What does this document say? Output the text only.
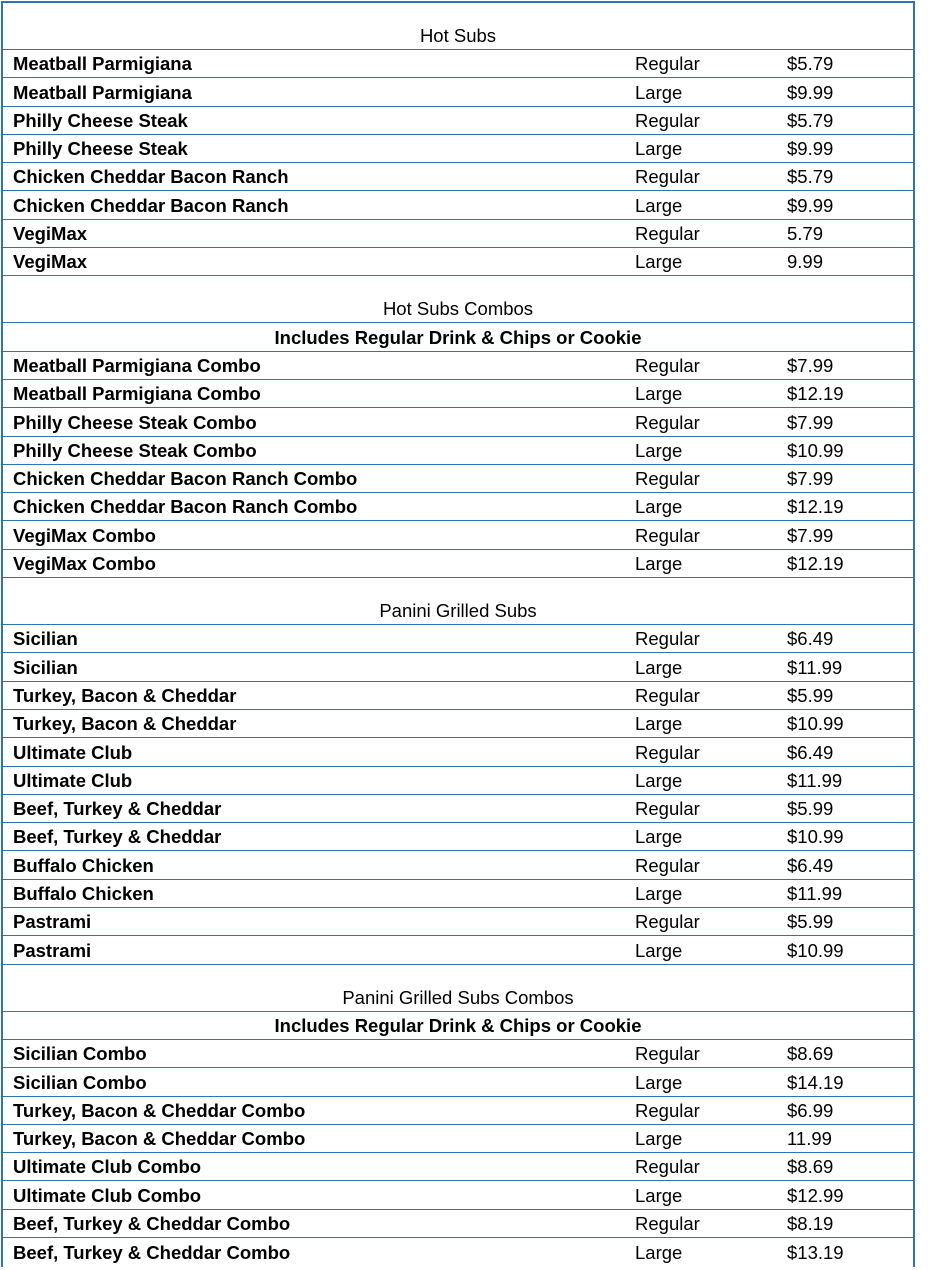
Hot Subs
Meatball Parmigiana	Regular	$5.79
Meatball Parmigiana	Large	$9.99
Philly Cheese Steak	Regular	$5.79
Philly Cheese Steak	Large	$9.99
Chicken Cheddar Bacon Ranch	Regular	$5.79
Chicken Cheddar Bacon Ranch	Large	$9.99
VegiMax	Regular	5.79
VegiMax	Large	9.99
Hot Subs Combos
Includes Regular Drink & Chips or Cookie
Meatball Parmigiana Combo	Regular	$7.99
Meatball Parmigiana Combo	Large	$12.19
Philly Cheese Steak Combo	Regular	$7.99
Philly Cheese Steak Combo	Large	$10.99
Chicken Cheddar Bacon Ranch Combo	Regular	$7.99
Chicken Cheddar Bacon Ranch Combo	Large	$12.19
VegiMax Combo	Regular	$7.99
VegiMax Combo	Large	$12.19
Panini Grilled Subs
Sicilian	Regular	$6.49
Sicilian	Large	$11.99
Turkey, Bacon & Cheddar	Regular	$5.99
Turkey, Bacon & Cheddar	Large	$10.99
Ultimate Club	Regular	$6.49
Ultimate Club	Large	$11.99
Beef, Turkey & Cheddar	Regular	$5.99
Beef, Turkey & Cheddar	Large	$10.99
Buffalo Chicken	Regular	$6.49
Buffalo Chicken	Large	$11.99
Pastrami	Regular	$5.99
Pastrami	Large	$10.99
Panini Grilled Subs Combos
Includes Regular Drink & Chips or Cookie
Sicilian Combo	Regular	$8.69
Sicilian Combo	Large	$14.19
Turkey, Bacon & Cheddar Combo	Regular	$6.99
Turkey, Bacon & Cheddar Combo	Large	11.99
Ultimate Club Combo	Regular	$8.69
Ultimate Club Combo	Large	$12.99
Beef, Turkey & Cheddar Combo	Regular	$8.19
Beef, Turkey & Cheddar Combo	Large	$13.19
